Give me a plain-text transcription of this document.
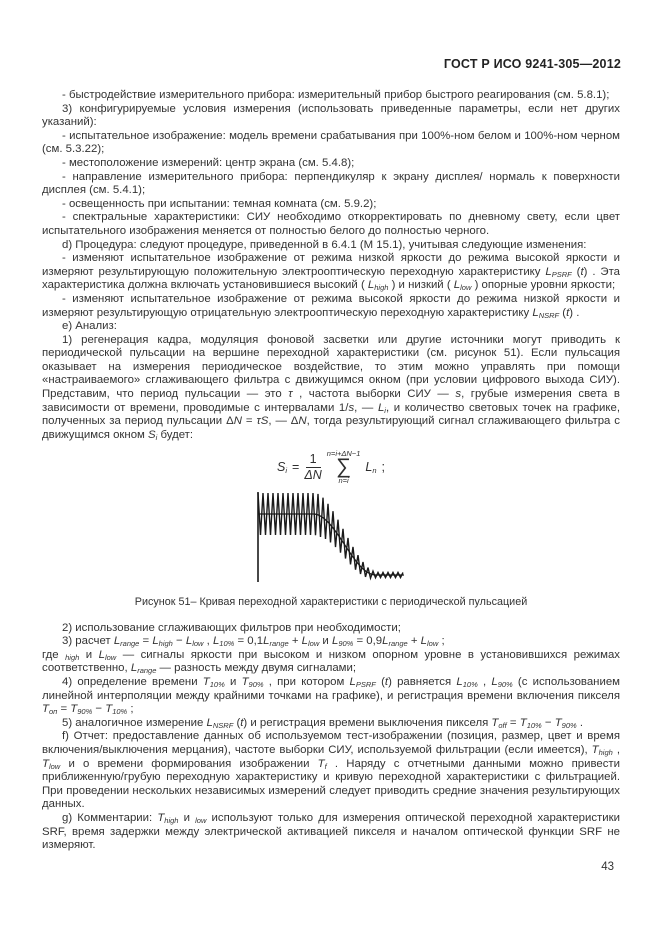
ГОСТ Р ИСО 9241-305—2012

- быстродействие измерительного прибора: измерительный прибор быстрого реагирования (см. 5.8.1);

3) конфигурируемые условия измерения (использовать приведенные параметры, если нет других указаний):

- испытательное изображение: модель времени срабатывания при 100%-ном белом и 100%-ном черном (см. 5.3.22);

- местоположение измерений: центр экрана (см. 5.4.8);

- направление измерительного прибора: перпендикуляр к экрану дисплея/ нормаль к поверхности дисплея (см. 5.4.1);

- освещенность при испытании: темная комната (см. 5.9.2);

- спектральные характеристики: СИУ необходимо откорректировать по дневному свету, если цвет испытательного изображения меняется от полностью белого до полностью черного.

d) Процедура: следуют процедуре, приведенной в 6.4.1 (М 15.1), учитывая следующие изменения:

- изменяют испытательное изображение от режима низкой яркости до режима высокой яркости и измеряют результирующую положительную электрооптическую переходную характеристику $L_{PSRF}$ (t) . Эта характеристика должна включать установившиеся высокий ( $L_{high}$ ) и низкий ( $L_{low}$ ) опорные уровни яркости;

- изменяют испытательное изображение от режима высокой яркости до режима низкой яркости и измеряют результирующую отрицательную электрооптическую переходную характеристику $L_{NSRF}$ (t) .

е) Анализ:

1) регенерация кадра, модуляция фоновой засветки или другие источники могут приводить к периодической пульсации на вершине переходной характеристики (см. рисунок 51). Если пульсация оказывает на измерения периодическое воздействие, то этим можно управлять при помощи «настраиваемого» сглаживающего фильтра с движущимся окном (при условии цифрового выхода СИУ). Представим, что период пульсации — это τ , частота выборки СИУ — s, грубые измерения света в зависимости от времени, проводимые с интервалами 1/s, — $L_i$, и количество световых точек на графике, полученных за период пульсации ΔN = τS, — ΔN, тогда результирующий сигнал сглаживающего фильтра с движущимся окном $S_i$ будет:

$S_i = \frac{1}{\Delta N} n=i+\Delta N-1$
∑
n=i
$L_n$ ;
Рисунок 51– Кривая переходной характеристики с периодической пульсацией

2) использование сглаживающих фильтров при необходимости;

3) расчет $L_{range} = L_{high} - L_{low}$ , $L_{10\%} = 0,1L_{range} + L_{low}$ и $L_{90\%} = 0,9L_{range} + L_{low}$ ;

где $_{high}$ и $L_{low}$ — сигналы яркости при высоком и низком опорном уровне в установившихся режимах соответственно, $L_{range}$ — разность между двумя сигналами;

4) определение времени $T_{10\%}$ и $T_{90\%}$ , при котором $L_{PSRF}$ (t) равняется $L_{10\%}$ , $L_{90\%}$ (с использованием линейной интерполяции между крайними точками на графике), и регистрация времени включения пикселя $T_{оп} = T_{90\%} - T_{10\%}$ ;

5) аналогичное измерение $L_{NSRF}$ (t) и регистрация времени выключения пикселя $T_{off} = T_{10\%} - T_{90\%}$ .

f) Отчет: предоставление данных об используемом тест-изображении (позиция, размер, цвет и время включения/выключения мерцания), частоте выборки СИУ, используемой фильтрации (если имеется), $T_{high}$ , $T_{low}$ и о времени формирования изображении $T_f$ . Наряду с отчетными данными можно привести приближенную/грубую переходную характеристику и кривую переходной характеристики с фильтрацией. При проведении нескольких независимых измерений следует приводить средние значения результирующих данных.

g) Комментарии: $T_{high}$ и $_{low}$ используют только для измерения оптической переходной характеристики SRF, время задержки между электрической активацией пикселя и началом оптической функции SRF не измеряют.

43
